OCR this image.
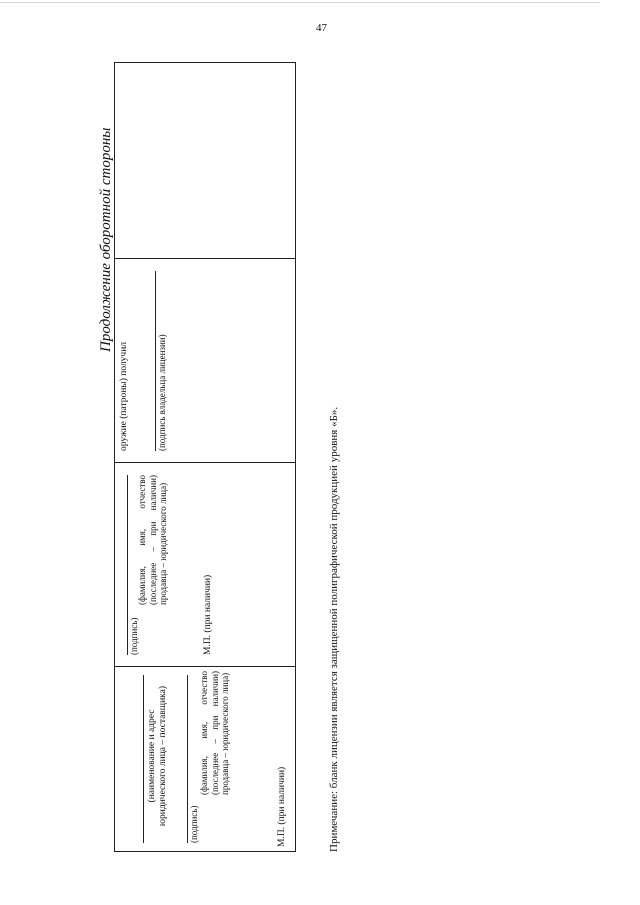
47
Продолжение оборотной стороны
(наименование и адрес юридического лица – поставщика) (подпись)
(фамилия, имя, отчество (последнее – при наличии) продавца – юридического лица)
М.П. (при наличии)
(подпись)
(фамилия, имя, отчество (последнее – при наличии) продавца – юридического лица)
М.П. (при наличии)
оружие (патроны) получил	(подпись владельца лицензии)
Примечание: бланк лицензии является защищенной полиграфической продукцией уровня «Б».
